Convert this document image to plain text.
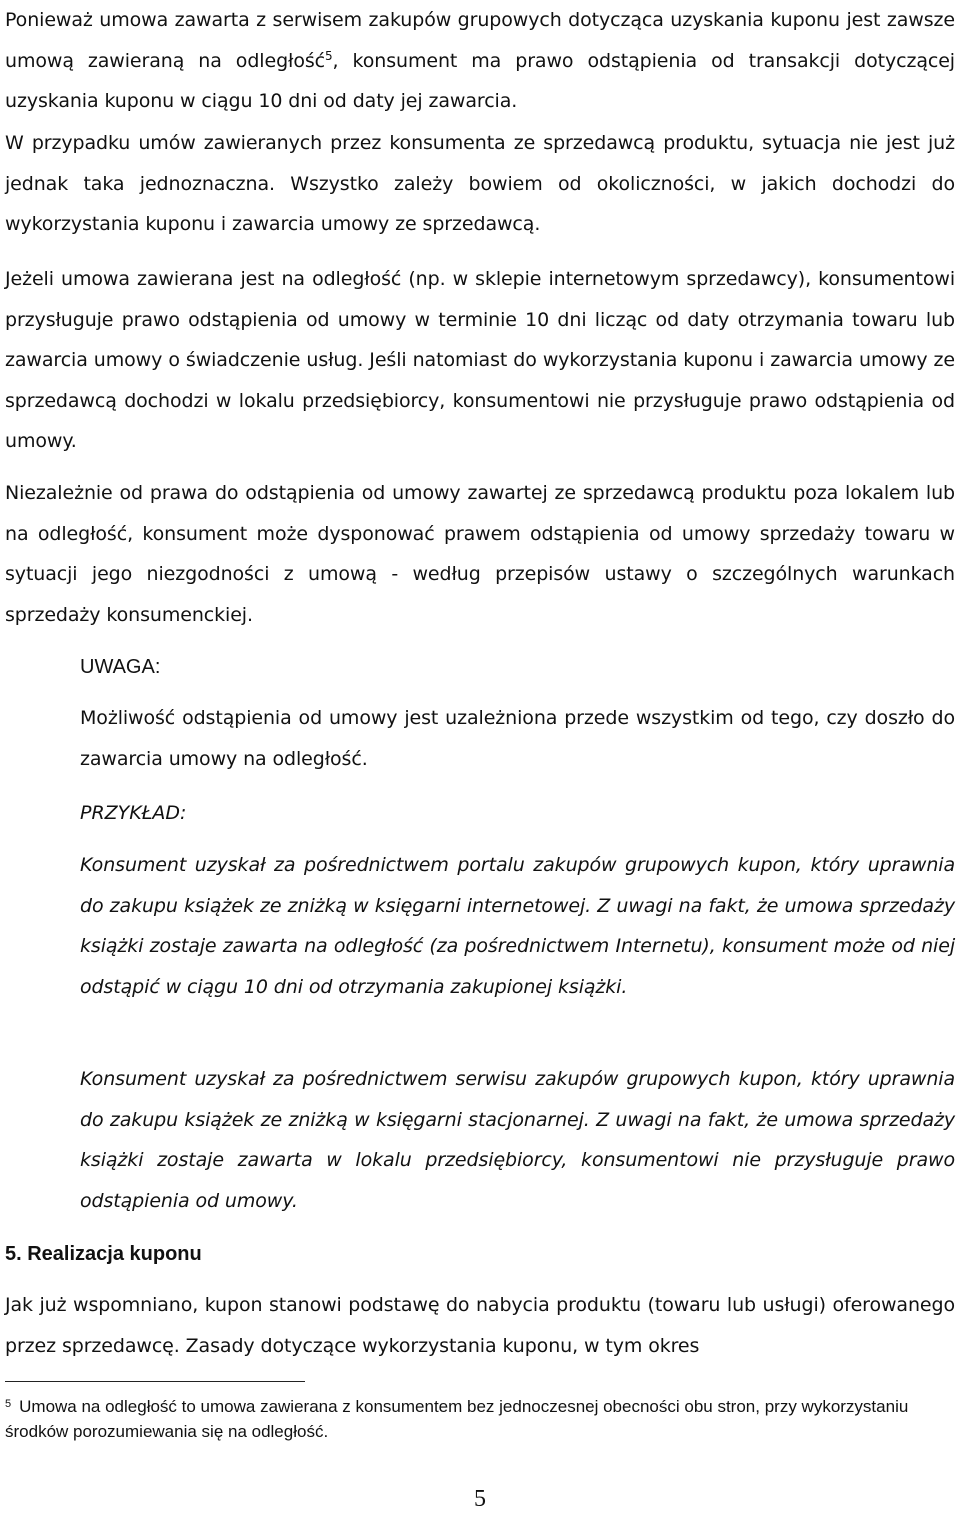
Ponieważ umowa zawarta z serwisem zakupów grupowych dotycząca uzyskania kuponu jest zawsze umową zawieraną na odległość$^5$, konsument ma prawo odstąpienia od transakcji dotyczącej uzyskania kuponu w ciągu 10 dni od daty jej zawarcia.

W przypadku umów zawieranych przez konsumenta ze sprzedawcą produktu, sytuacja nie jest już jednak taka jednoznaczna. Wszystko zależy bowiem od okoliczności, w jakich dochodzi do wykorzystania kuponu i zawarcia umowy ze sprzedawcą.

Jeżeli umowa zawierana jest na odległość (np. w sklepie internetowym sprzedawcy), konsumentowi przysługuje prawo odstąpienia od umowy w terminie 10 dni licząc od daty otrzymania towaru lub zawarcia umowy o świadczenie usług. Jeśli natomiast do wykorzystania kuponu i zawarcia umowy ze sprzedawcą dochodzi w lokalu przedsiębiorcy, konsumentowi nie przysługuje prawo odstąpienia od umowy.

Niezależnie od prawa do odstąpienia od umowy zawartej ze sprzedawcą produktu poza lokalem lub na odległość, konsument może dysponować prawem odstąpienia od umowy sprzedaży towaru w sytuacji jego niezgodności z umową - według przepisów ustawy o szczególnych warunkach sprzedaży konsumenckiej.

UWAGA:

Możliwość odstąpienia od umowy jest uzależniona przede wszystkim od tego, czy doszło do zawarcia umowy na odległość.

PRZYKŁAD:

Konsument uzyskał za pośrednictwem portalu zakupów grupowych kupon, który uprawnia do zakupu książek ze zniżką w księgarni internetowej. Z uwagi na fakt, że umowa sprzedaży książki zostaje zawarta na odległość (za pośrednictwem Internetu), konsument może od niej odstąpić w ciągu 10 dni od otrzymania zakupionej książki.

Konsument uzyskał za pośrednictwem serwisu zakupów grupowych kupon, który uprawnia do zakupu książek ze zniżką w księgarni stacjonarnej. Z uwagi na fakt, że umowa sprzedaży książki zostaje zawarta w lokalu przedsiębiorcy, konsumentowi nie przysługuje prawo odstąpienia od umowy.

5. Realizacja kuponu

Jak już wspomniano, kupon stanowi podstawę do nabycia produktu (towaru lub usługi) oferowanego przez sprzedawcę. Zasady dotyczące wykorzystania kuponu, w tym okres

$^5$ Umowa na odległość to umowa zawierana z konsumentem bez jednoczesnej obecności obu stron, przy wykorzystaniu środków porozumiewania się na odległość.
5
